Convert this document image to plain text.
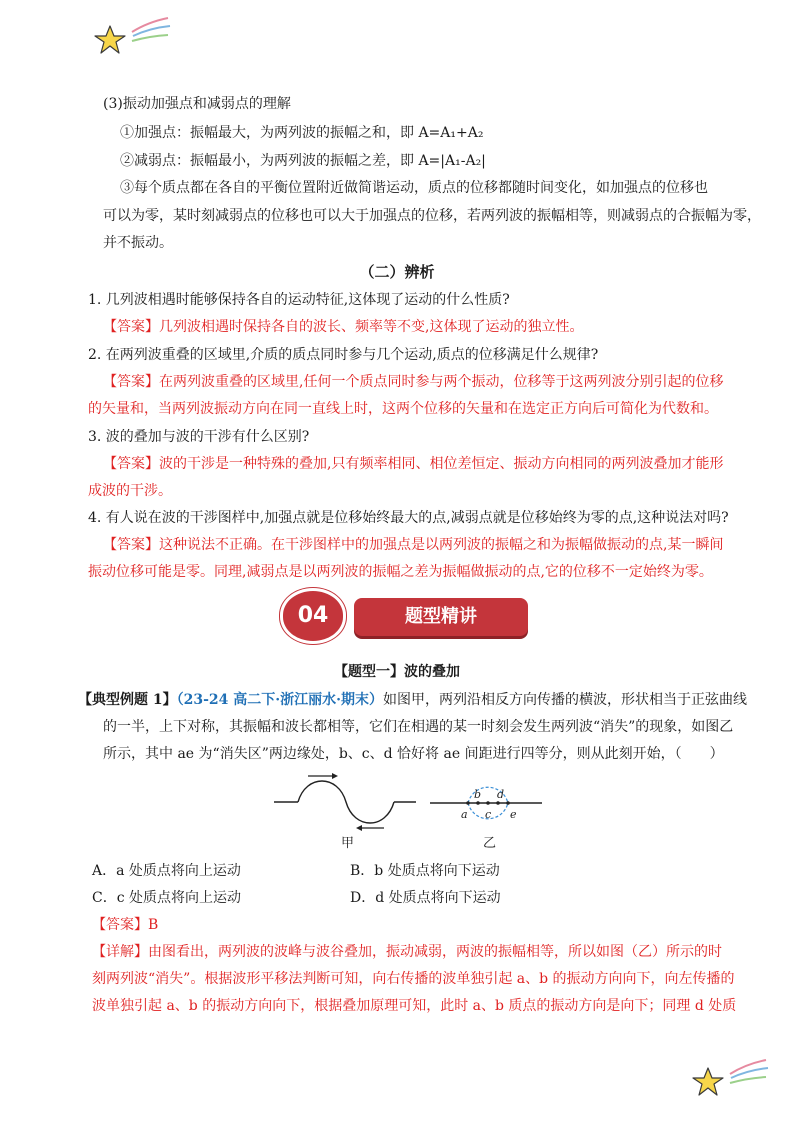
(3)振动加强点和减弱点的理解
①加强点：振幅最大，为两列波的振幅之和，即 A=A₁+A₂
②减弱点：振幅最小，为两列波的振幅之差，即 A=|A₁-A₂|
③每个质点都在各自的平衡位置附近做简谐运动，质点的位移都随时间变化，如加强点的位移也
可以为零，某时刻减弱点的位移也可以大于加强点的位移，若两列波的振幅相等，则减弱点的合振幅为零，
并不振动。
（二）辨析
1. 几列波相遇时能够保持各自的运动特征,这体现了运动的什么性质?
【答案】几列波相遇时保持各自的波长、频率等不变,这体现了运动的独立性。
2. 在两列波重叠的区域里,介质的质点同时参与几个运动,质点的位移满足什么规律?
【答案】在两列波重叠的区域里,任何一个质点同时参与两个振动，位移等于这两列波分别引起的位移
的矢量和，当两列波振动方向在同一直线上时，这两个位移的矢量和在选定正方向后可简化为代数和。
3. 波的叠加与波的干涉有什么区别?
【答案】波的干涉是一种特殊的叠加,只有频率相同、相位差恒定、振动方向相同的两列波叠加才能形
成波的干涉。
4. 有人说在波的干涉图样中,加强点就是位移始终最大的点,减弱点就是位移始终为零的点,这种说法对吗?
【答案】这种说法不正确。在干涉图样中的加强点是以两列波的振幅之和为振幅做振动的点,某一瞬间
振动位移可能是零。同理,减弱点是以两列波的振幅之差为振幅做振动的点,它的位移不一定始终为零。
04	题型精讲
【题型一】波的叠加
【典型例题 1】（23-24 高二下·浙江丽水·期末）如图甲，两列沿相反方向传播的横波，形状相当于正弦曲线
的一半，上下对称，其振幅和波长都相等，它们在相遇的某一时刻会发生两列波“消失”的现象，如图乙
所示，其中 ae 为“消失区”两边缘处，b、c、d 恰好将 ae 间距进行四等分，则从此刻开始，（　　）
甲
a
b
c
d
e
乙
A．a 处质点将向上运动	B．b 处质点将向下运动
C．c 处质点将向上运动	D．d 处质点将向下运动
【答案】B
【详解】由图看出，两列波的波峰与波谷叠加，振动减弱，两波的振幅相等，所以如图（乙）所示的时
刻两列波“消失”。根据波形平移法判断可知，向右传播的波单独引起 a、b 的振动方向向下，向左传播的
波单独引起 a、b 的振动方向向下，根据叠加原理可知，此时 a、b 质点的振动方向是向下；同理 d 处质
